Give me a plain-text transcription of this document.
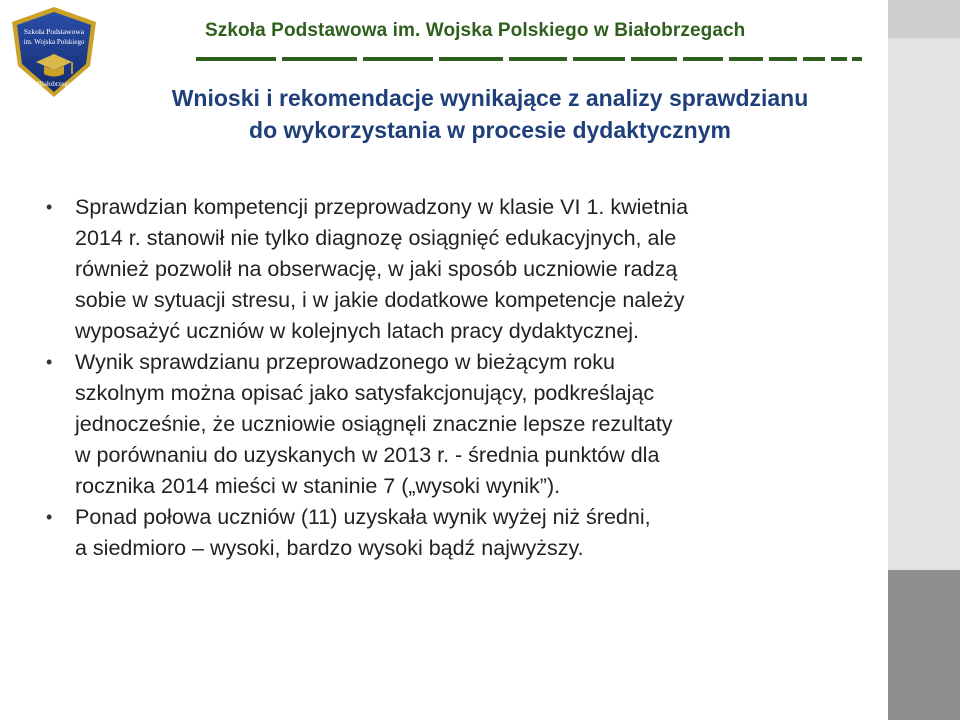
Szkoła Podstawowa
im. Wojska Polskiego
w Białobrzegach
Szkoła Podstawowa im. Wojska Polskiego w Białobrzegach
Wnioski i rekomendacje wynikające z analizy sprawdzianu
do wykorzystania w procesie dydaktycznym
• Sprawdzian kompetencji przeprowadzony w klasie VI 1. kwietnia
2014 r. stanowił nie tylko diagnozę osiągnięć edukacyjnych, ale
również pozwolił na obserwację, w jaki sposób uczniowie radzą
sobie w sytuacji stresu, i w jakie dodatkowe kompetencje należy
wyposażyć uczniów w kolejnych latach pracy dydaktycznej.
• Wynik sprawdzianu przeprowadzonego w bieżącym roku
szkolnym można opisać jako satysfakcjonujący, podkreślając
jednocześnie, że uczniowie osiągnęli znacznie lepsze rezultaty
w porównaniu do uzyskanych w 2013 r. - średnia punktów dla
rocznika 2014 mieści w staninie 7 („wysoki wynik”).
• Ponad połowa uczniów (11) uzyskała wynik wyżej niż średni,
a siedmioro – wysoki, bardzo wysoki bądź najwyższy.
